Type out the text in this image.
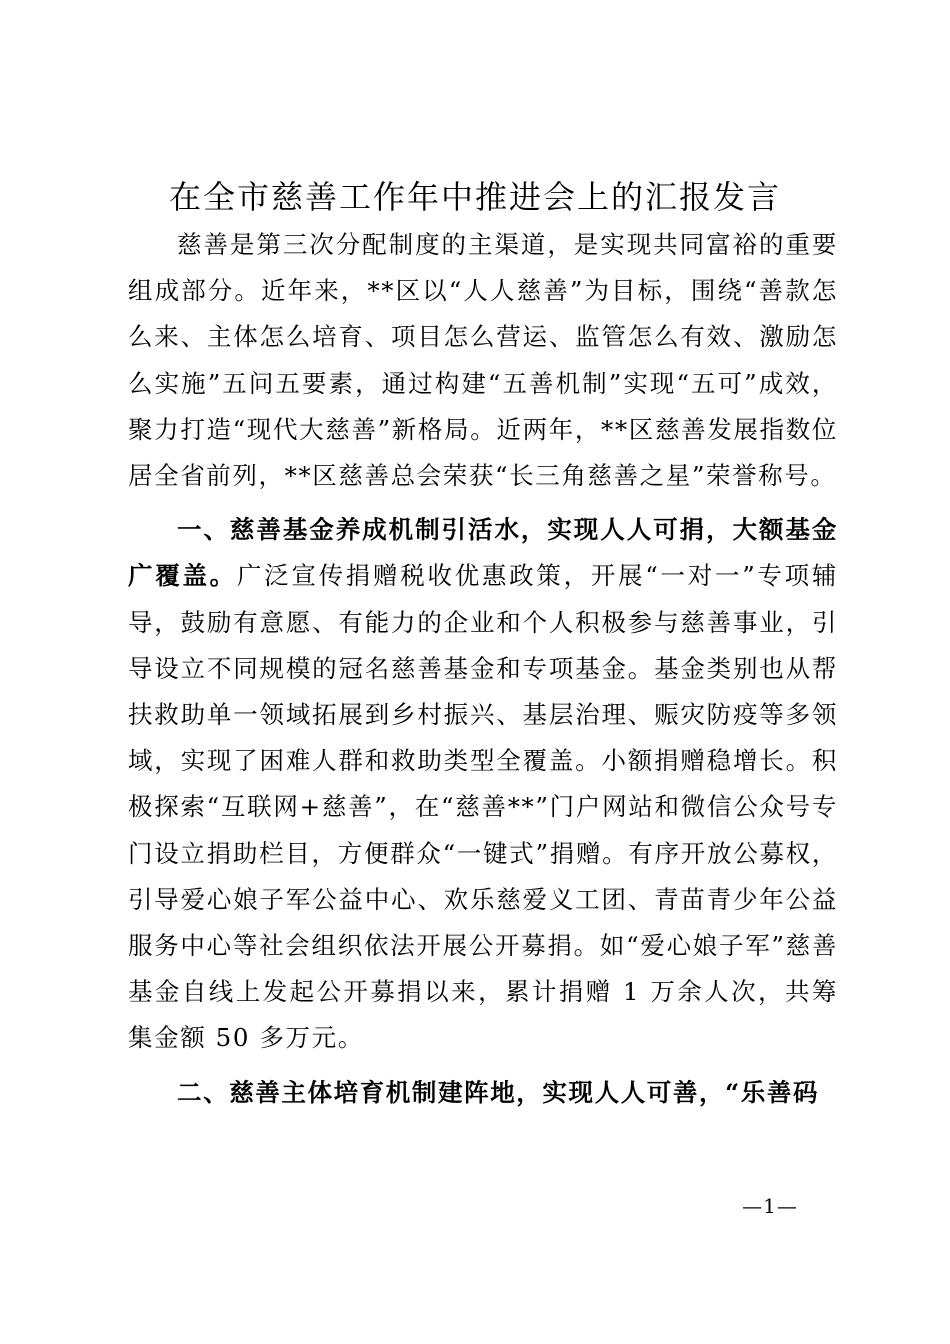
在全市慈善工作年中推进会上的汇报发言

慈善是第三次分配制度的主渠道，是实现共同富裕的重要组成部分。近年来，**区以“人人慈善”为目标，围绕“善款怎么来、主体怎么培育、项目怎么营运、监管怎么有效、激励怎么实施”五问五要素，通过构建“五善机制”实现“五可”成效，聚力打造“现代大慈善”新格局。近两年，**区慈善发展指数位居全省前列，**区慈善总会荣获“长三角慈善之星”荣誉称号。

一、慈善基金养成机制引活水，实现人人可捐，大额基金广覆盖。广泛宣传捐赠税收优惠政策，开展“一对一”专项辅导，鼓励有意愿、有能力的企业和个人积极参与慈善事业，引导设立不同规模的冠名慈善基金和专项基金。基金类别也从帮扶救助单一领域拓展到乡村振兴、基层治理、赈灾防疫等多领域，实现了困难人群和救助类型全覆盖。小额捐赠稳增长。积极探索“互联网+慈善”，在“慈善**”门户网站和微信公众号专门设立捐助栏目，方便群众“一键式”捐赠。有序开放公募权，引导爱心娘子军公益中心、欢乐慈爱义工团、青苗青少年公益服务中心等社会组织依法开展公开募捐。如“爱心娘子军”慈善基金自线上发起公开募捐以来，累计捐赠 1 万余人次，共筹集金额 50 多万元。

二、慈善主体培育机制建阵地，实现人人可善，“乐善码

—1—
